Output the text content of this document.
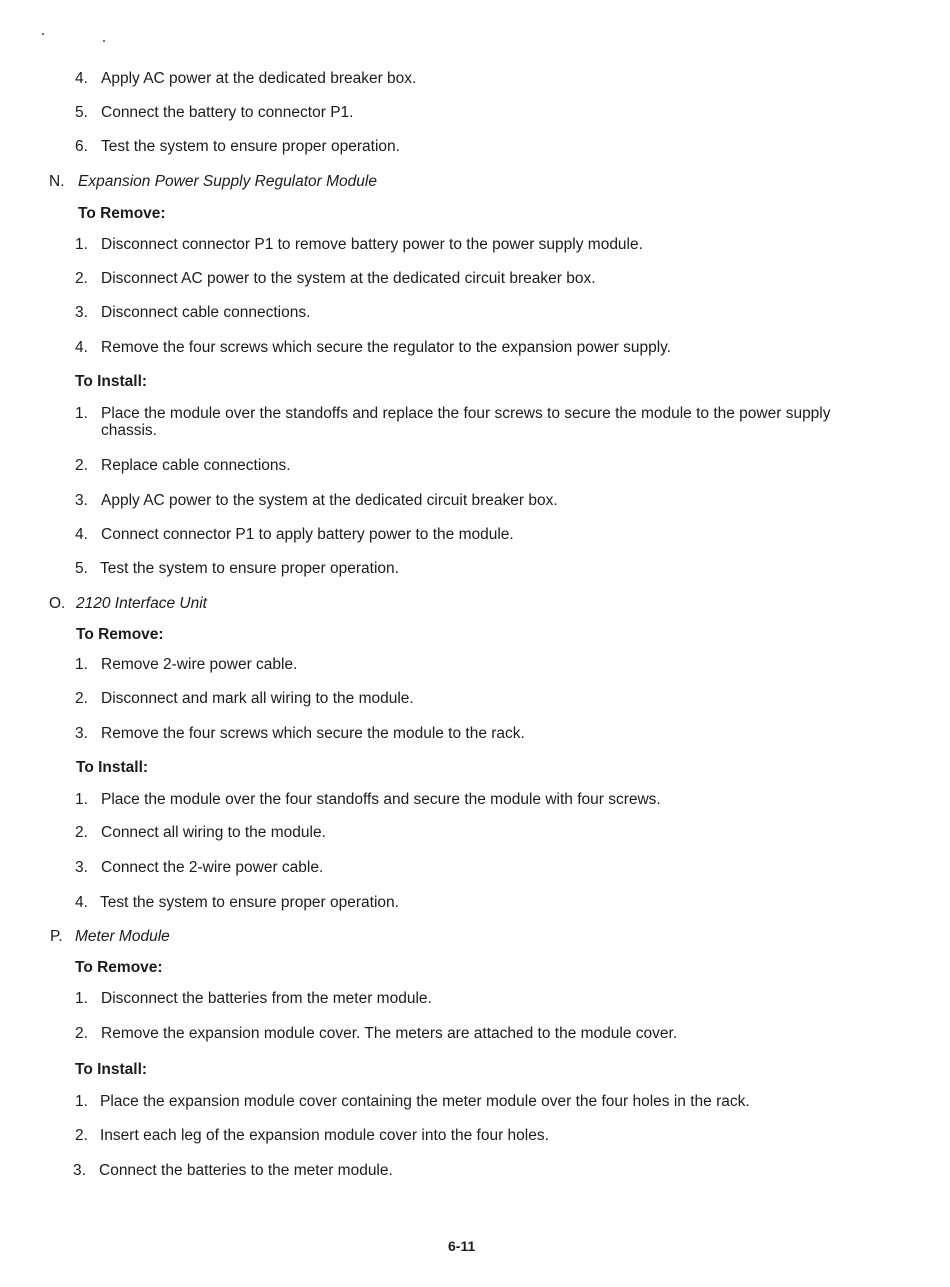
4. Apply AC power at the dedicated breaker box.
5. Connect the battery to connector P1.
6. Test the system to ensure proper operation.
N. Expansion Power Supply Regulator Module
To Remove:
1. Disconnect connector P1 to remove battery power to the power supply module.
2. Disconnect AC power to the system at the dedicated circuit breaker box.
3. Disconnect cable connections.
4. Remove the four screws which secure the regulator to the expansion power supply.
To Install:
1. Place the module over the standoffs and replace the four screws to secure the module to the power supply
chassis.
2. Replace cable connections.
3. Apply AC power to the system at the dedicated circuit breaker box.
4. Connect connector P1 to apply battery power to the module.
5. Test the system to ensure proper operation.
O. 2120 Interface Unit
To Remove:
1. Remove 2-wire power cable.
2. Disconnect and mark all wiring to the module.
3. Remove the four screws which secure the module to the rack.
To Install:
1. Place the module over the four standoffs and secure the module with four screws.
2. Connect all wiring to the module.
3. Connect the 2-wire power cable.
4. Test the system to ensure proper operation.
P. Meter Module
To Remove:
1. Disconnect the batteries from the meter module.
2. Remove the expansion module cover. The meters are attached to the module cover.
To Install:
1. Place the expansion module cover containing the meter module over the four holes in the rack.
2. Insert each leg of the expansion module cover into the four holes.
3. Connect the batteries to the meter module.
6-11
